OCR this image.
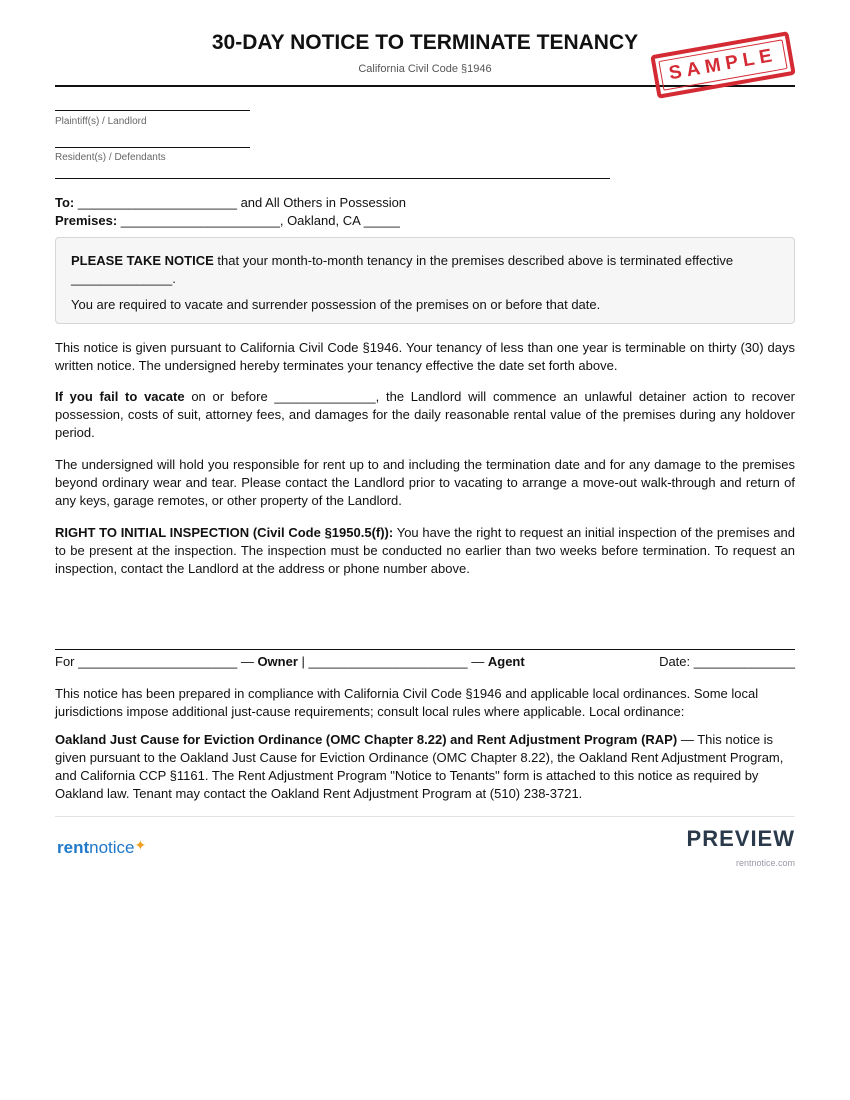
30-DAY NOTICE TO TERMINATE TENANCY
California Civil Code §1946	SAMPLE
Plaintiff(s) / Landlord
Resident(s) / Defendants
To: ______________________ and All Others in Possession
Premises: ______________________, Oakland, CA _____

PLEASE TAKE NOTICE that your month-to-month tenancy in the premises described above is terminated effective ______________.

You are required to vacate and surrender possession of the premises on or before that date.

This notice is given pursuant to California Civil Code §1946. Your tenancy of less than one year is terminable on thirty (30) days written notice. The undersigned hereby terminates your tenancy effective the date set forth above.

If you fail to vacate on or before ______________, the Landlord will commence an unlawful detainer action to recover possession, costs of suit, attorney fees, and damages for the daily reasonable rental value of the premises during any holdover period.

The undersigned will hold you responsible for rent up to and including the termination date and for any damage to the premises beyond ordinary wear and tear. Please contact the Landlord prior to vacating to arrange a move-out walk-through and return of any keys, garage remotes, or other property of the Landlord.

RIGHT TO INITIAL INSPECTION (Civil Code §1950.5(f)): You have the right to request an initial inspection of the premises and to be present at the inspection. The inspection must be conducted no earlier than two weeks before termination. To request an inspection, contact the Landlord at the address or phone number above.

For ______________________ — Owner | ______________________ — Agent	Date: ______________

This notice has been prepared in compliance with California Civil Code §1946 and applicable local ordinances. Some local jurisdictions impose additional just-cause requirements; consult local rules where applicable. Local ordinance:

Oakland Just Cause for Eviction Ordinance (OMC Chapter 8.22) and Rent Adjustment Program (RAP) — This notice is given pursuant to the Oakland Just Cause for Eviction Ordinance (OMC Chapter 8.22), the Oakland Rent Adjustment Program, and California CCP §1161. The Rent Adjustment Program "Notice to Tenants" form is attached to this notice as required by Oakland law. Tenant may contact the Oakland Rent Adjustment Program at (510) 238-3721.

rentnotice✦	PREVIEW
rentnotice.com
